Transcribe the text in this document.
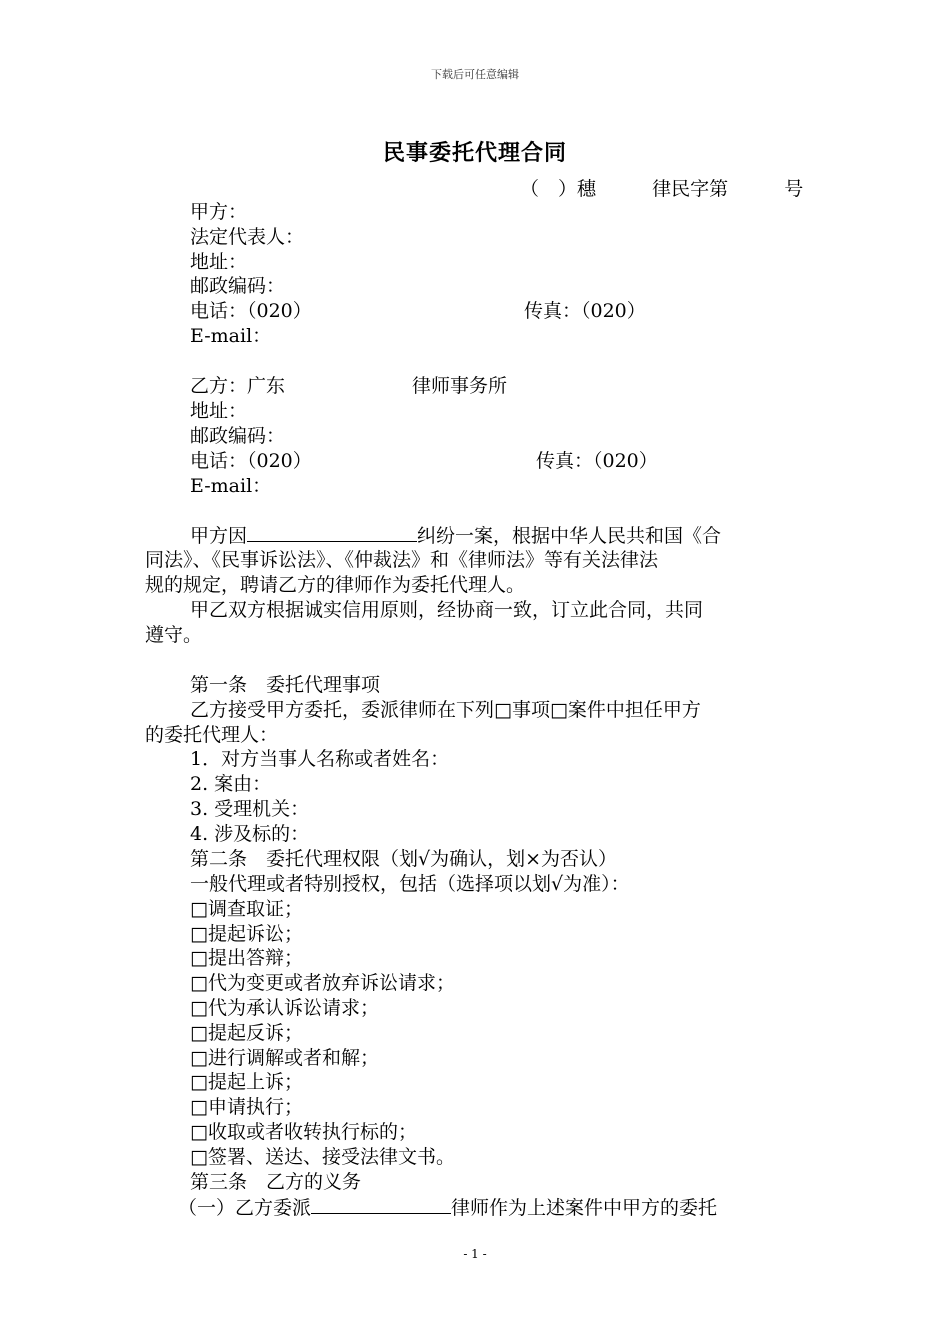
下载后可任意编辑
民事委托代理合同
（　）穗	律民字第	号
甲方：
法定代表人：
地址：
邮政编码：
电话：（020）	传真：（020）
E-mail：
乙方：广东	律师事务所
地址：
邮政编码：
电话：（020）	传真：（020）
E-mail：
甲方因	纠纷一案，根据中华人民共和国《合
同法》、《民事诉讼法》、《仲裁法》和《律师法》等有关法律法
规的规定，聘请乙方的律师作为委托代理人。
甲乙双方根据诚实信用原则，经协商一致，订立此合同，共同
遵守。
第一条　委托代理事项
乙方接受甲方委托，委派律师在下列□事项□案件中担任甲方
的委托代理人：
1．对方当事人名称或者姓名：
2. 案由：
3. 受理机关：
4. 涉及标的：
第二条　委托代理权限（划√为确认，划×为否认）
一般代理或者特别授权，包括（选择项以划√为准）：
□调查取证；
□提起诉讼；
□提出答辩；
□代为变更或者放弃诉讼请求；
□代为承认诉讼请求；
□提起反诉；
□进行调解或者和解；
□提起上诉；
□申请执行；
□收取或者收转执行标的；
□签署、送达、接受法律文书。
第三条　乙方的义务
（一）乙方委派	律师作为上述案件中甲方的委托
- 1 -
